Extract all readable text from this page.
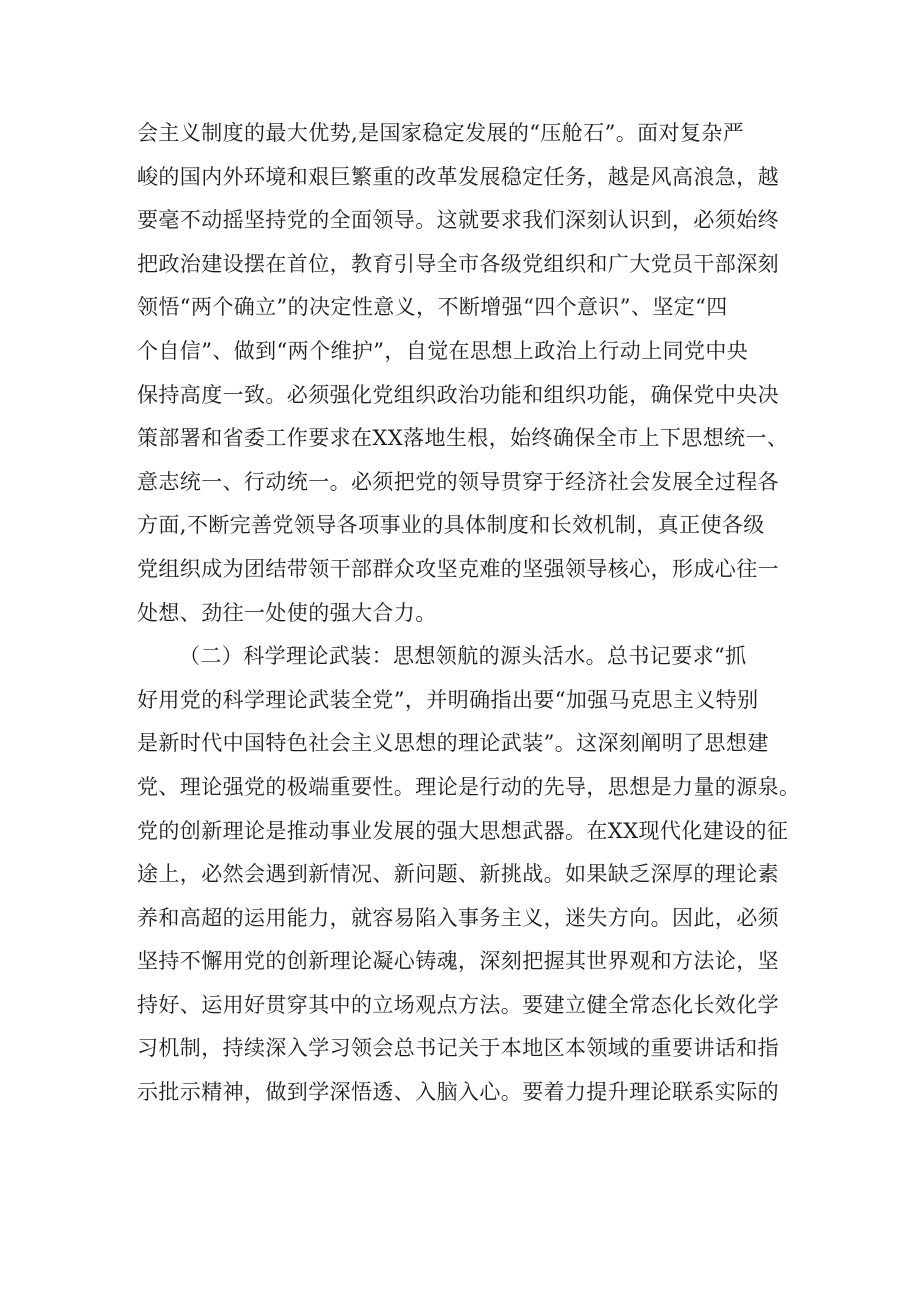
会主义制度的最大优势,是国家稳定发展的“压舱石”。面对复杂严
峻的国内外环境和艰巨繁重的改革发展稳定任务，越是风高浪急，越
要毫不动摇坚持党的全面领导。这就要求我们深刻认识到，必须始终
把政治建设摆在首位，教育引导全市各级党组织和广大党员干部深刻
领悟“两个确立”的决定性意义，不断增强“四个意识”、坚定“四
个自信”、做到“两个维护”，自觉在思想上政治上行动上同党中央
保持高度一致。必须强化党组织政治功能和组织功能，确保党中央决
策部署和省委工作要求在XX落地生根，始终确保全市上下思想统一、
意志统一、行动统一。必须把党的领导贯穿于经济社会发展全过程各
方面,不断完善党领导各项事业的具体制度和长效机制，真正使各级
党组织成为团结带领干部群众攻坚克难的坚强领导核心，形成心往一
处想、劲往一处使的强大合力。
（二）科学理论武装：思想领航的源头活水。总书记要求“抓
好用党的科学理论武装全党”，并明确指出要“加强马克思主义特别
是新时代中国特色社会主义思想的理论武装”。这深刻阐明了思想建
党、理论强党的极端重要性。理论是行动的先导，思想是力量的源泉。
党的创新理论是推动事业发展的强大思想武器。在XX现代化建设的征
途上，必然会遇到新情况、新问题、新挑战。如果缺乏深厚的理论素
养和高超的运用能力，就容易陷入事务主义，迷失方向。因此，必须
坚持不懈用党的创新理论凝心铸魂，深刻把握其世界观和方法论，坚
持好、运用好贯穿其中的立场观点方法。要建立健全常态化长效化学
习机制，持续深入学习领会总书记关于本地区本领域的重要讲话和指
示批示精神，做到学深悟透、入脑入心。要着力提升理论联系实际的
